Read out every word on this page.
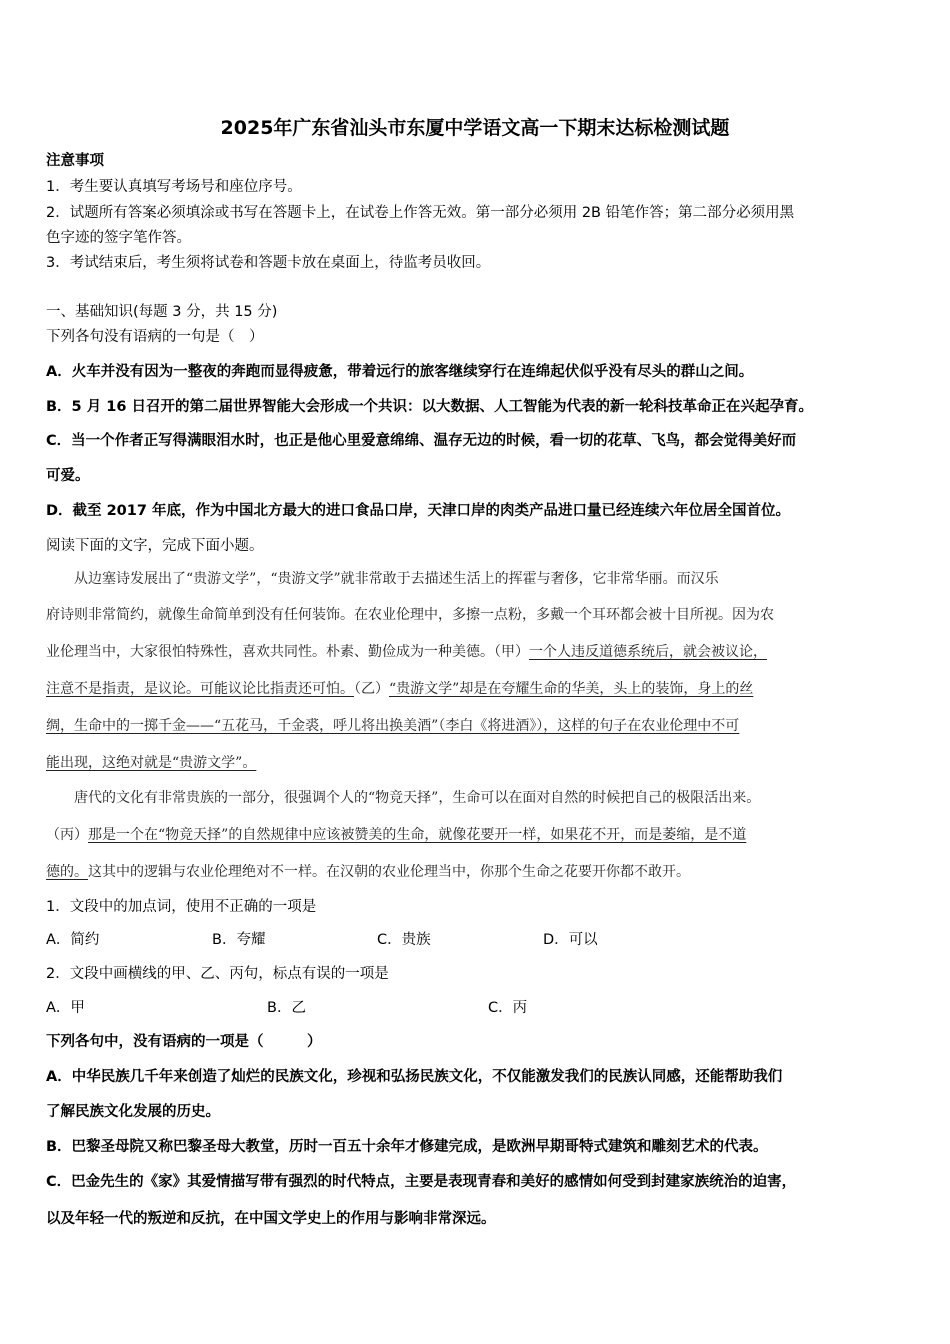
2025年广东省汕头市东厦中学语文高一下期末达标检测试题
注意事项
1．考生要认真填写考场号和座位序号。
2．试题所有答案必须填涂或书写在答题卡上，在试卷上作答无效。第一部分必须用 2B 铅笔作答；第二部分必须用黑
色字迹的签字笔作答。
3．考试结束后，考生须将试卷和答题卡放在桌面上，待监考员收回。
一、基础知识(每题 3 分，共 15 分)
下列各句没有语病的一句是（　）
A．火车并没有因为一整夜的奔跑而显得疲惫，带着远行的旅客继续穿行在连绵起伏似乎没有尽头的群山之间。
B．5 月 16 日召开的第二届世界智能大会形成一个共识：以大数据、人工智能为代表的新一轮科技革命正在兴起孕育。
C．当一个作者正写得满眼泪水时，也正是他心里爱意绵绵、温存无边的时候，看一切的花草、飞鸟，都会觉得美好而
可爱。
D．截至 2017 年底，作为中国北方最大的进口食品口岸，天津口岸的肉类产品进口量已经连续六年位居全国首位。
阅读下面的文字，完成下面小题。
　　从边塞诗发展出了“贵游文学”，“贵游文学”就非常敢于去描述生活上的挥霍与奢侈，它非常华丽。而汉乐
府诗则非常简约，就像生命简单到没有任何装饰。在农业伦理中，多擦一点粉，多戴一个耳环都会被十目所视。因为农
业伦理当中，大家很怕特殊性，喜欢共同性。朴素、勤俭成为一种美德。（甲）一个人违反道德系统后，就会被议论，
注意不是指责，是议论。可能议论比指责还可怕。（乙）“贵游文学”却是在夸耀生命的华美，头上的装饰，身上的丝
绸，生命中的一掷千金——“五花马，千金裘，呼儿将出换美酒”（李白《将进酒》），这样的句子在农业伦理中不可
能出现，这绝对就是“贵游文学”。
　　唐代的文化有非常贵族的一部分，很强调个人的“物竞天择”，生命可以在面对自然的时候把自己的极限活出来。
（丙）那是一个在“物竞天择”的自然规律中应该被赞美的生命，就像花要开一样，如果花不开，而是萎缩，是不道
德的。这其中的逻辑与农业伦理绝对不一样。在汉朝的农业伦理当中，你那个生命之花要开你都不敢开。
1．文段中的加点词，使用不正确的一项是
A．简约	B．夸耀	C．贵族	D．可以
2．文段中画横线的甲、乙、丙句，标点有误的一项是
A．甲	B．乙	C．丙
下列各句中，没有语病的一项是（　　　）
A．中华民族几千年来创造了灿烂的民族文化，珍视和弘扬民族文化，不仅能激发我们的民族认同感，还能帮助我们
了解民族文化发展的历史。
B．巴黎圣母院又称巴黎圣母大教堂，历时一百五十余年才修建完成，是欧洲早期哥特式建筑和雕刻艺术的代表。
C．巴金先生的《家》其爱情描写带有强烈的时代特点，主要是表现青春和美好的感情如何受到封建家族统治的迫害，
以及年轻一代的叛逆和反抗，在中国文学史上的作用与影响非常深远。
